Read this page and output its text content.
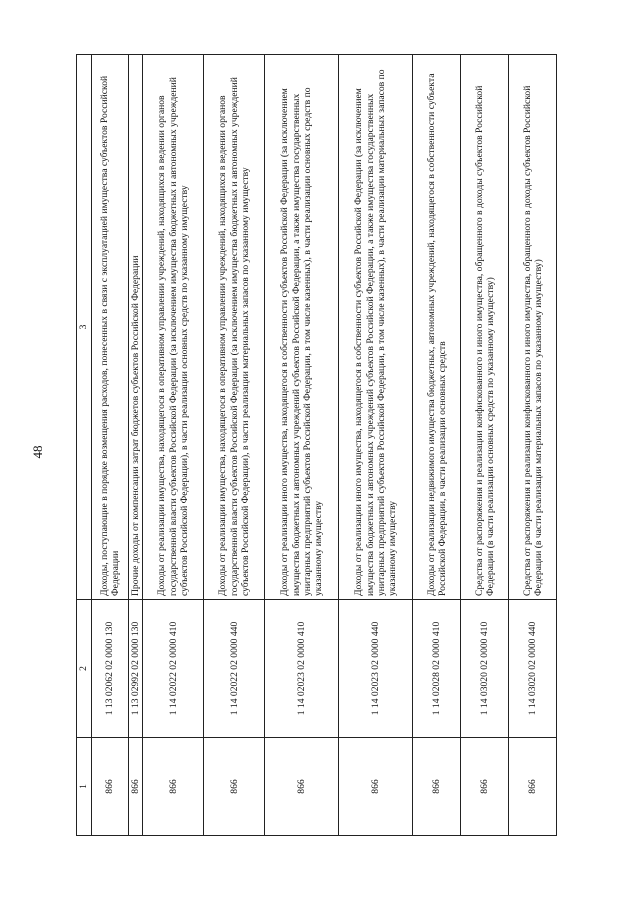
48
1	2	3
866	1 13 02062 02 0000 130	Доходы, поступающие в порядке возмещения расходов, понесенных в связи с эксплуатацией имущества субъектов Российской Федерации
866	1 13 02992 02 0000 130	Прочие доходы от компенсации затрат бюджетов субъектов Российской Федерации
866	1 14 02022 02 0000 410	Доходы от реализации имущества, находящегося в оперативном управлении учреждений, находящихся в ведении органов государственной власти субъектов Российской Федерации (за исключением имущества бюджетных и автономных учреждений субъектов Российской Федерации), в части реализации основных средств по указанному имуществу
866	1 14 02022 02 0000 440	Доходы от реализации имущества, находящегося в оперативном управлении учреждений, находящихся в ведении органов государственной власти субъектов Российской Федерации (за исключением имущества бюджетных и автономных учреждений субъектов Российской Федерации), в части реализации материальных запасов по указанному имуществу
866	1 14 02023 02 0000 410	Доходы от реализации иного имущества, находящегося в собственности субъектов Российской Федерации (за исключением имущества бюджетных и автономных учреждений субъектов Российской Федерации, а также имущества государственных унитарных предприятий субъектов Российской Федерации, в том числе казенных), в части реализации основных средств по указанному имуществу
866	1 14 02023 02 0000 440	Доходы от реализации иного имущества, находящегося в собственности субъектов Российской Федерации (за исключением имущества бюджетных и автономных учреждений субъектов Российской Федерации, а также имущества государственных унитарных предприятий субъектов Российской Федерации, в том числе казенных), в части реализации материальных запасов по указанному имуществу
866	1 14 02028 02 0000 410	Доходы от реализации недвижимого имущества бюджетных, автономных учреждений, находящегося в собственности субъекта Российской Федерации, в части реализации основных средств
866	1 14 03020 02 0000 410	Средства от распоряжения и реализации конфискованного и иного имущества, обращенного в доходы субъектов Российской Федерации (в части реализации основных средств по указанному имуществу)
866	1 14 03020 02 0000 440	Средства от распоряжения и реализации конфискованного и иного имущества, обращенного в доходы субъектов Российской Федерации (в части реализации материальных запасов по указанному имуществу)
